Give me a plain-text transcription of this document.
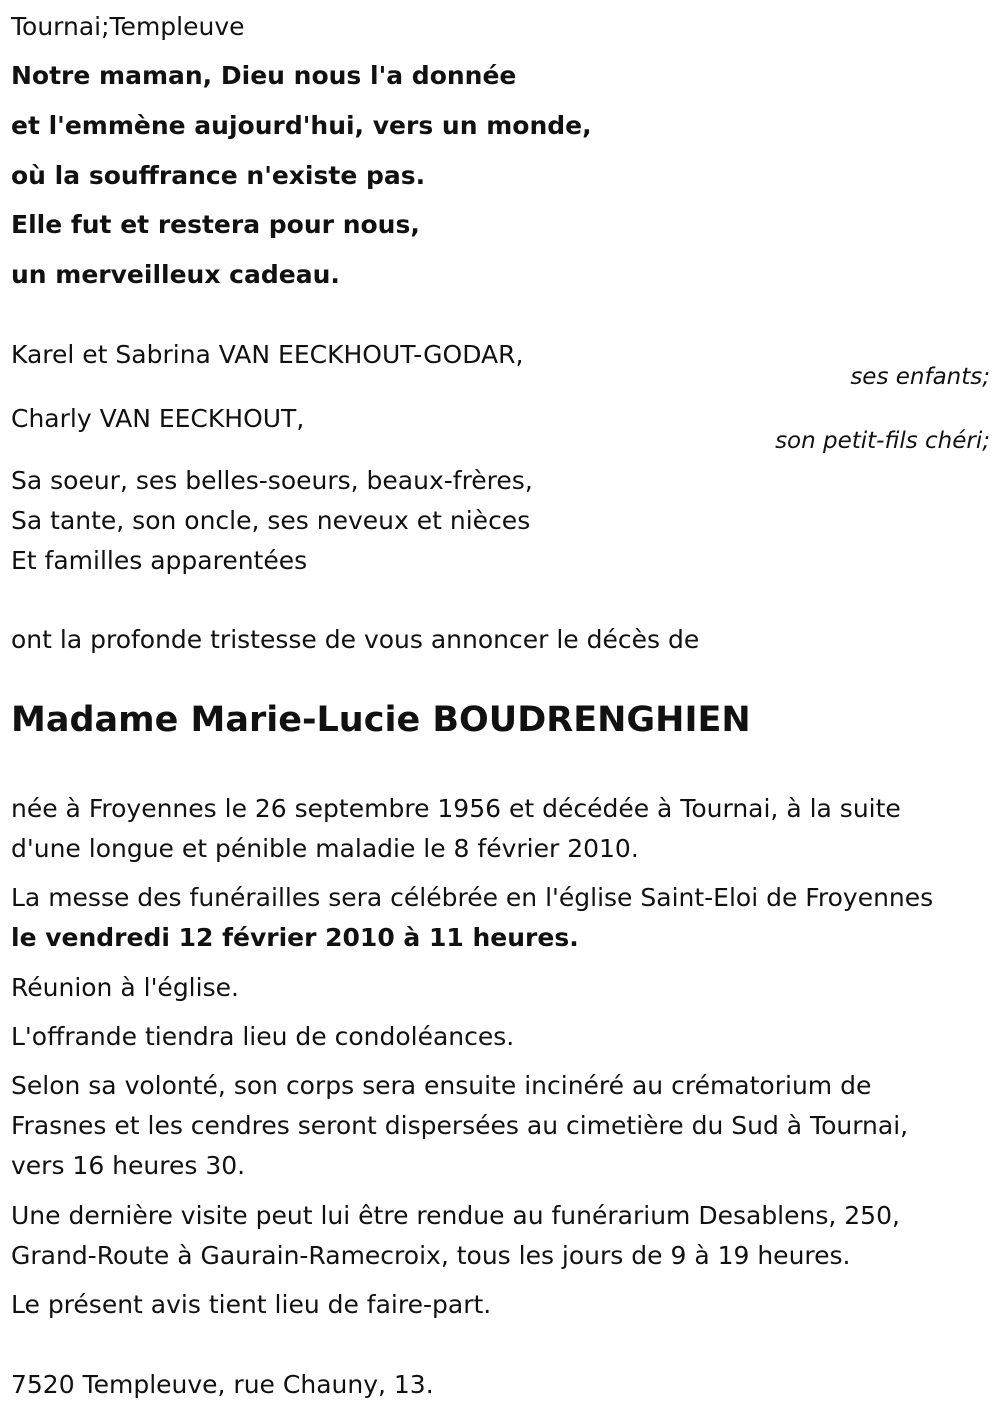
Tournai;Templeuve
Notre maman, Dieu nous l'a donnée
et l'emmène aujourd'hui, vers un monde,
où la souffrance n'existe pas.
Elle fut et restera pour nous,
un merveilleux cadeau.
Karel et Sabrina VAN EECKHOUT-GODAR,
ses enfants;
Charly VAN EECKHOUT,
son petit-fils chéri;
Sa soeur, ses belles-soeurs, beaux-frères,
Sa tante, son oncle, ses neveux et nièces
Et familles apparentées
ont la profonde tristesse de vous annoncer le décès de
Madame Marie-Lucie BOUDRENGHIEN
née à Froyennes le 26 septembre 1956 et décédée à Tournai, à la suite
d'une longue et pénible maladie le 8 février 2010.
La messe des funérailles sera célébrée en l'église Saint-Eloi de Froyennes
le vendredi 12 février 2010 à 11 heures.
Réunion à l'église.
L'offrande tiendra lieu de condoléances.
Selon sa volonté, son corps sera ensuite incinéré au crématorium de
Frasnes et les cendres seront dispersées au cimetière du Sud à Tournai,
vers 16 heures 30.
Une dernière visite peut lui être rendue au funérarium Desablens, 250,
Grand-Route à Gaurain-Ramecroix, tous les jours de 9 à 19 heures.
Le présent avis tient lieu de faire-part.
7520 Templeuve, rue Chauny, 13.
